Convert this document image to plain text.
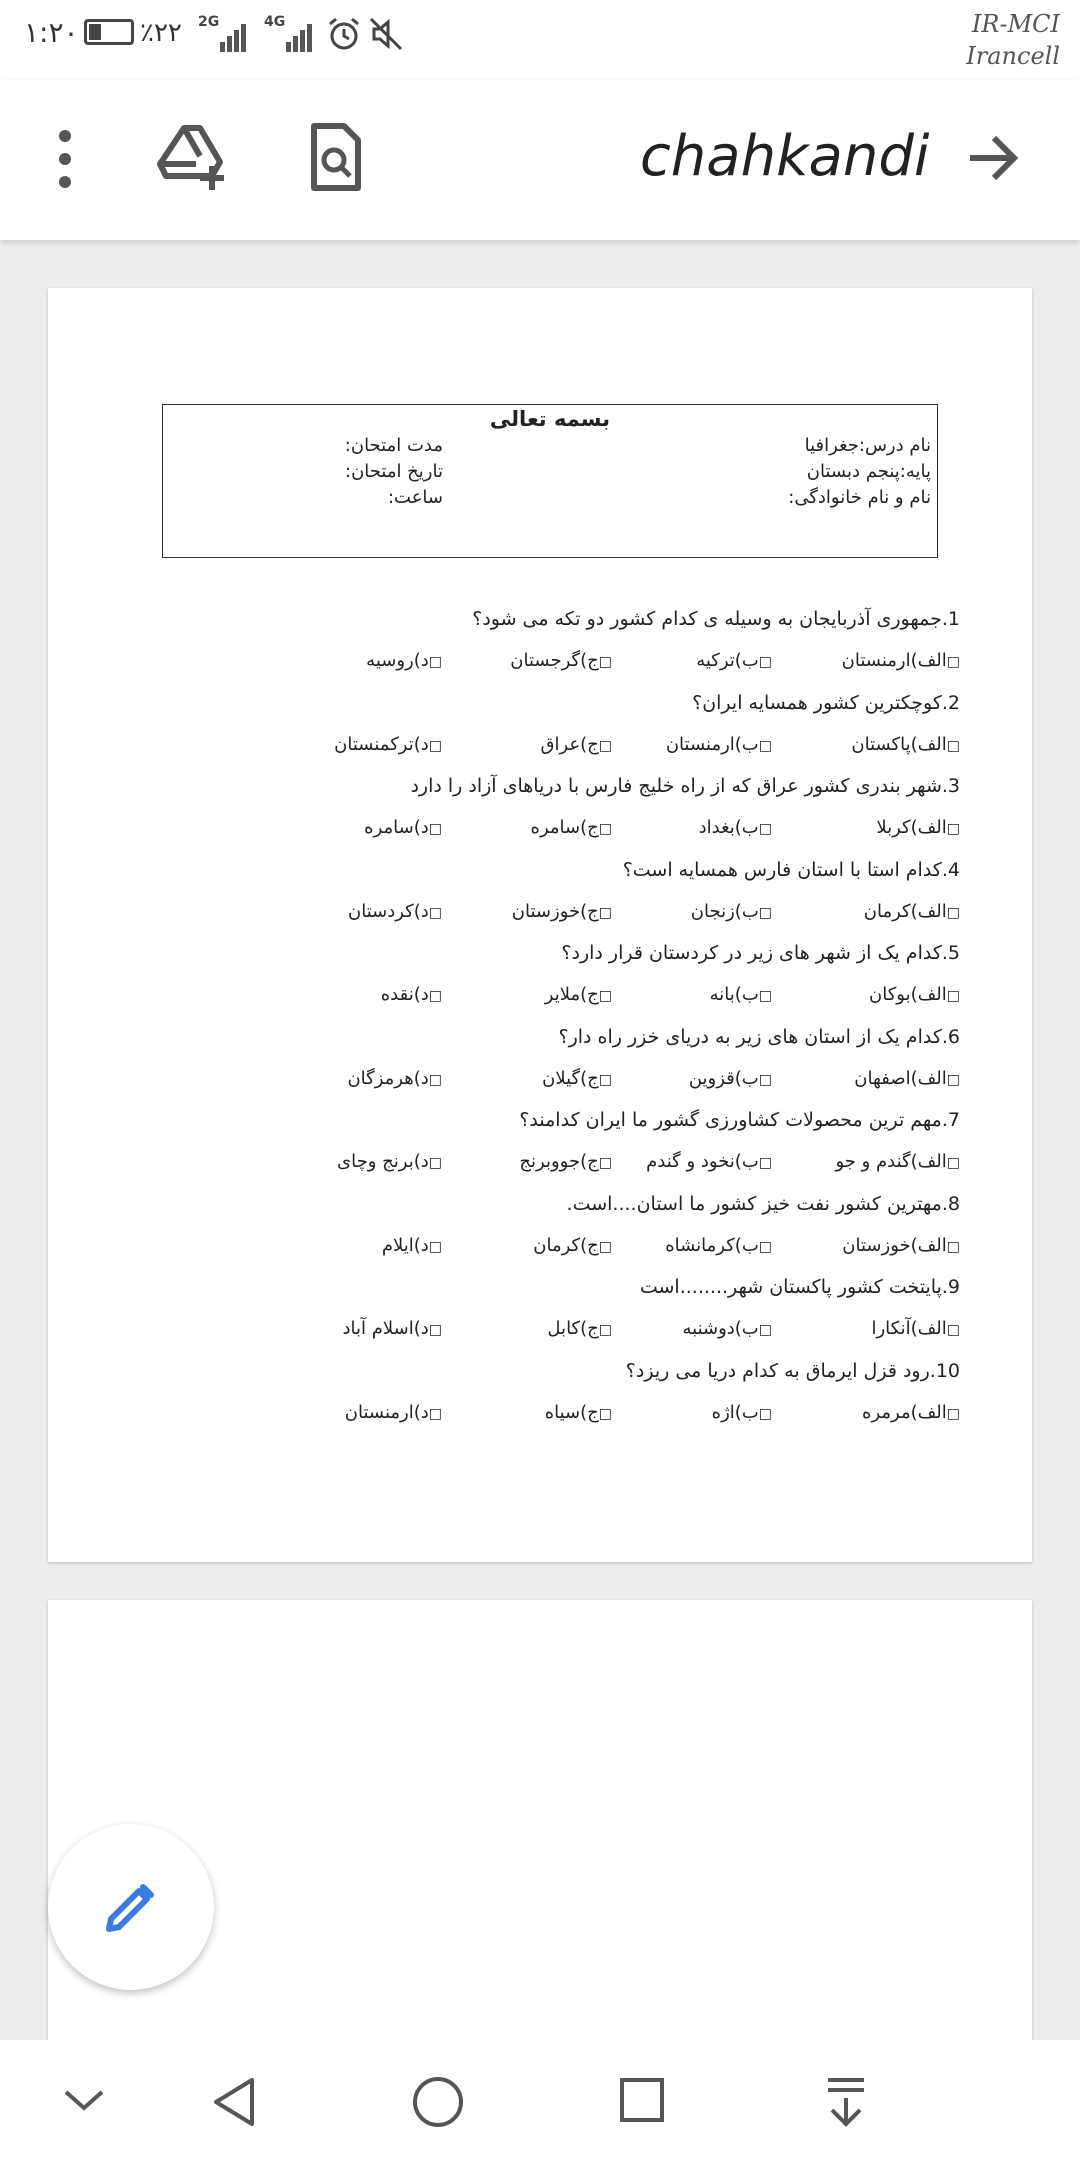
۱:۲۰ ٪۲۲ 2G	4G	IR-MCI
Irancell
chahkandi
بسمه تعالی
نام درس:جغرافیا
پایه:پنجم دبستان
نام و نام خانوادگی:
مدت امتحان:
تاریخ امتحان:
ساعت:
1.جمهوری آذربایجان به وسیله ی کدام کشور دو تکه می شود؟
□الف)ارمنستان
□ب)ترکیه
□ج)گرجستان
□د)روسیه
2.کوچکترین کشور همسایه ایران؟
□الف)پاکستان
□ب)ارمنستان
□ج)عراق
□د)ترکمنستان
3.شهر بندری کشور عراق که از راه خلیج فارس با دریاهای آزاد را دارد
□الف)کربلا
□ب)بغداد
□ج)سامره
□د)سامره
4.کدام استا با استان فارس همسایه است؟
□الف)کرمان
□ب)زنجان
□ج)خوزستان
□د)کردستان
5.کدام یک از شهر های زیر در کردستان قرار دارد؟
□الف)بوکان
□ب)بانه
□ج)ملایر
□د)نقده
6.کدام یک از استان های زیر به دریای خزر راه دار؟
□الف)اصفهان
□ب)قزوین
□ج)گیلان
□د)هرمزگان
7.مهم ترین محصولات کشاورزی گشور ما ایران کدامند؟
□الف)گندم و جو
□ب)نخود و گندم
□ج)جووبرنج
□د)برنج وچای
8.مهترین کشور نفت خیز کشور ما استان....است.
□الف)خوزستان
□ب)کرمانشاه
□ج)کرمان
□د)ایلام
9.پایتخت کشور پاکستان شهر........است
□الف)آنکارا
□ب)دوشنبه
□ج)کابل
□د)اسلام آباد
10.رود قزل ایرماق به کدام دریا می ریزد؟
□الف)مرمره
□ب)اژه
□ج)سیاه
□د)ارمنستان
